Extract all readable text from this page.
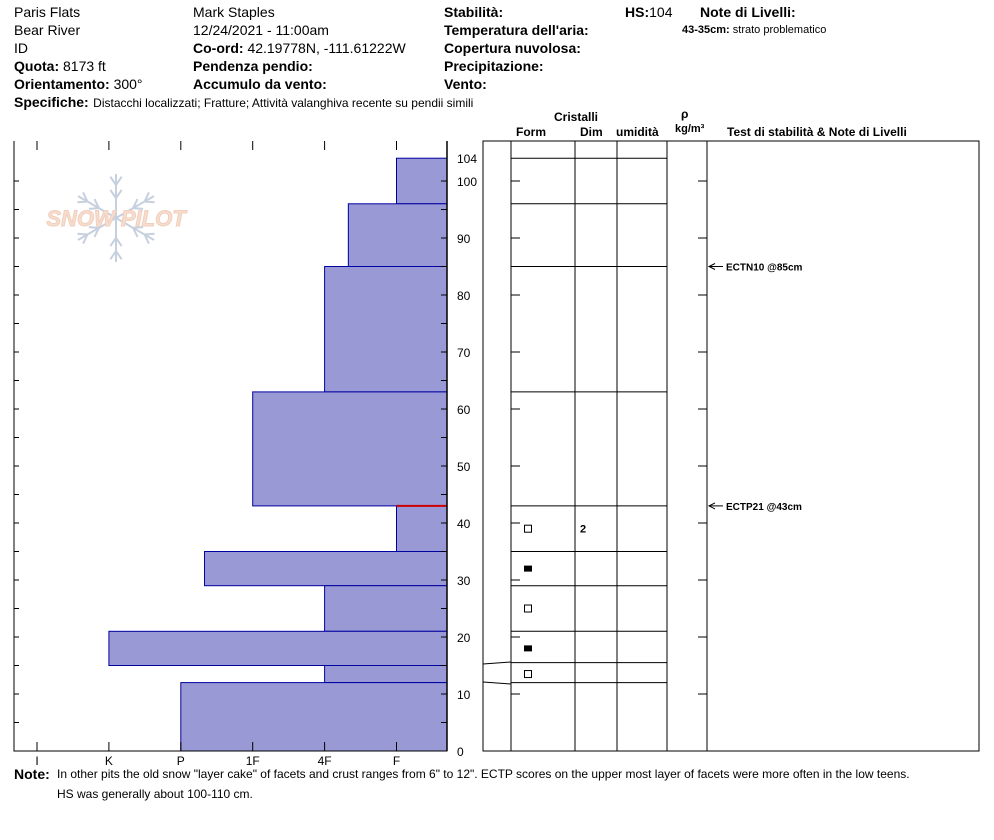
Paris Flats
Bear River
ID
Quota: 8173 ft
Orientamento: 300°
Mark Staples
12/24/2021 - 11:00am
Co-ord: 42.19778N, -111.61222W
Pendenza pendio:
Accumulo da vento:
Stabilità:
Temperatura dell'aria:
Copertura nuvolosa:
Precipitazione:
Vento:
HS:104 Note di Livelli:
43-35cm: strato problematico
Specifiche: Distacchi localizzati; Fratture; Attività valanghiva recente su pendii simili
Cristalli
Form	Dim umidità
ρ
kg/m³ Test di stabilità & Note di Livelli
SNOW PILOT
I	K	P	1F	4F	F
0
10
20
30
40
50
60
70
80
90
100
104
2
ECTN10 @85cm
ECTP21 @43cm
Note: In other pits the old snow "layer cake" of facets and crust ranges from 6" to 12". ECTP scores on the upper most layer of facets were more often in the low teens.
HS was generally about 100-110 cm.
